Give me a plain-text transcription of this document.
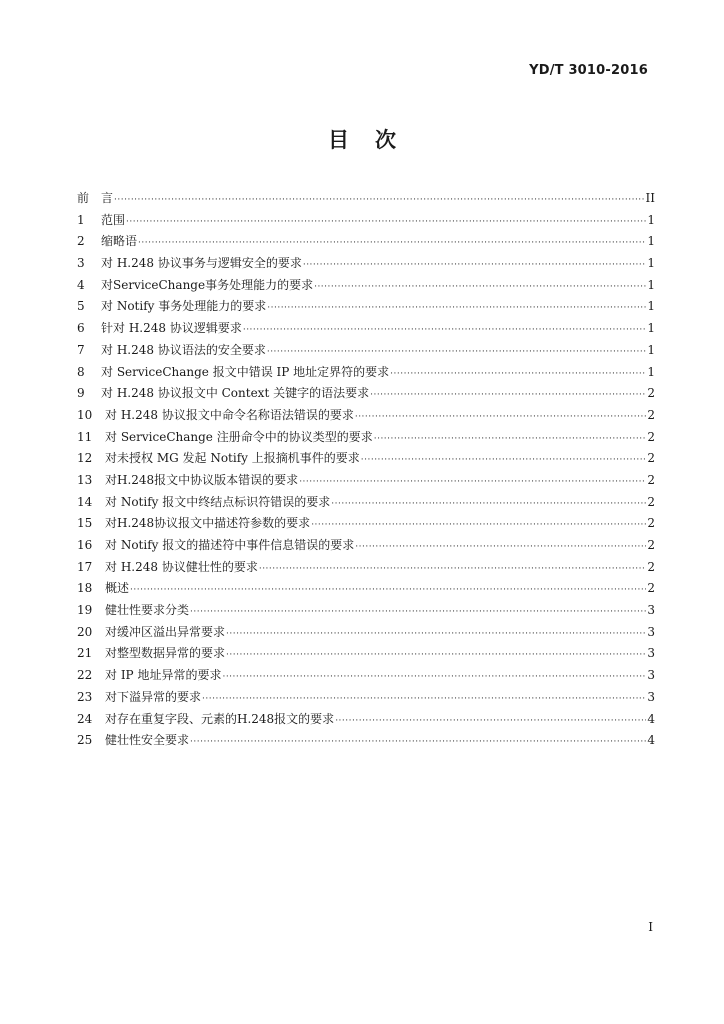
YD/T 3010-2016
目次
前 言 ·····	II
1	范围 ·····	1
2	缩略语 ·····	1
3	对 H.248 协议事务与逻辑安全的要求 ·····	1
4	对ServiceChange事务处理能力的要求 ·····	1
5	对 Notify 事务处理能力的要求 ·····	1
6	针对 H.248 协议逻辑要求 ·····	1
7	对 H.248 协议语法的安全要求 ·····	1
8	对 ServiceChange 报文中错误 IP 地址定界符的要求 ·····	1
9	对 H.248 协议报文中 Context 关键字的语法要求 ·····	2
10	对 H.248 协议报文中命令名称语法错误的要求 ·····	2
11	对 ServiceChange 注册命令中的协议类型的要求 ·····	2
12	对未授权 MG 发起 Notify 上报摘机事件的要求 ·····	2
13	对H.248报文中协议版本错误的要求 ·····	2
14	对 Notify 报文中终结点标识符错误的要求 ·····	2
15	对H.248协议报文中描述符参数的要求 ·····	2
16	对 Notify 报文的描述符中事件信息错误的要求 ·····	2
17	对 H.248 协议健壮性的要求 ·····	2
18	概述 ·····	2
19	健壮性要求分类 ·····	3
20	对缓冲区溢出异常要求 ·····	3
21	对整型数据异常的要求 ·····	3
22	对 IP 地址异常的要求 ·····	3
23	对下溢异常的要求 ·····	3
24	对存在重复字段、元素的H.248报文的要求 ·····	4
25	健壮性安全要求 ·····	4
I
